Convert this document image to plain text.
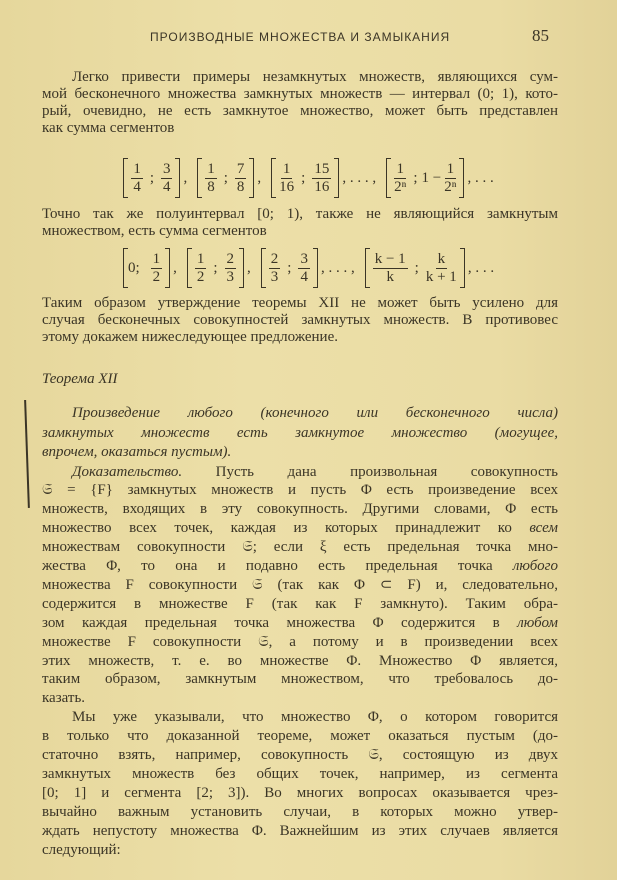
ПРОИЗВОДНЫЕ МНОЖЕСТВА И ЗАМЫКАНИЯ	85
Легко привести примеры незамкнутых множеств, являющихся сум-
мой бесконечного множества замкнутых множеств — интервал (0; 1), кото-
рый, очевидно, не есть замкнутое множество, может быть представлен
как сумма сегментов
$\frac{1}{4}$ ; $\frac{3}{4}$ , $\frac{1}{8}$ ; $\frac{7}{8}$ , $\frac{1}{16}$ ; $\frac{15}{16}$ , . . . , $\frac{1}{\text{2ⁿ}}$ ; $1 - \frac{1}{\text{2ⁿ}}$ , . . .
Точно так же полуинтервал [0; 1), также не являющийся замкнутым
множеством, есть сумма сегментов
0; $\frac{1}{2}$ , $\frac{1}{2}$ ; $\frac{2}{3}$ , $\frac{2}{3}$ ; $\frac{3}{4}$ , . . . , $\frac{k - 1}{k}$ ; $\frac{k}{k + 1}$ , . . .
Таким образом утверждение теоремы XII не может быть усилено для
случая бесконечных совокупностей замкнутых множеств. В противовес
этому докажем нижеследующее предложение.
Теорема XII
Произведение любого (конечного или бесконечного числа)
замкнутых множеств есть замкнутое множество (могущее,
впрочем, оказаться пустым).
Доказательство. Пусть дана произвольная совокупность
𝔖 = {F} замкнутых множеств и пусть Φ есть произведение всех
множеств, входящих в эту совокупность. Другими словами, Φ есть
множество всех точек, каждая из которых принадлежит ко всем
множествам совокупности 𝔖; если ξ есть предельная точка мно-
жества Φ, то она и подавно есть предельная точка любого
множества F совокупности 𝔖 (так как Φ ⊂ F) и, следовательно,
содержится в множестве F (так как F замкнуто). Таким обра-
зом каждая предельная точка множества Φ содержится в любом
множестве F совокупности 𝔖, а потому и в произведении всех
этих множеств, т. е. во множестве Φ. Множество Φ является,
таким образом, замкнутым множеством, что требовалось до-
казать.
Мы уже указывали, что множество Φ, о котором говорится
в только что доказанной теореме, может оказаться пустым (до-
статочно взять, например, совокупность 𝔖, состоящую из двух
замкнутых множеств без общих точек, например, из сегмента
[0; 1] и сегмента [2; 3]). Во многих вопросах оказывается чрез-
вычайно важным установить случаи, в которых можно утвер-
ждать непустоту множества Φ. Важнейшим из этих случаев является
следующий:
